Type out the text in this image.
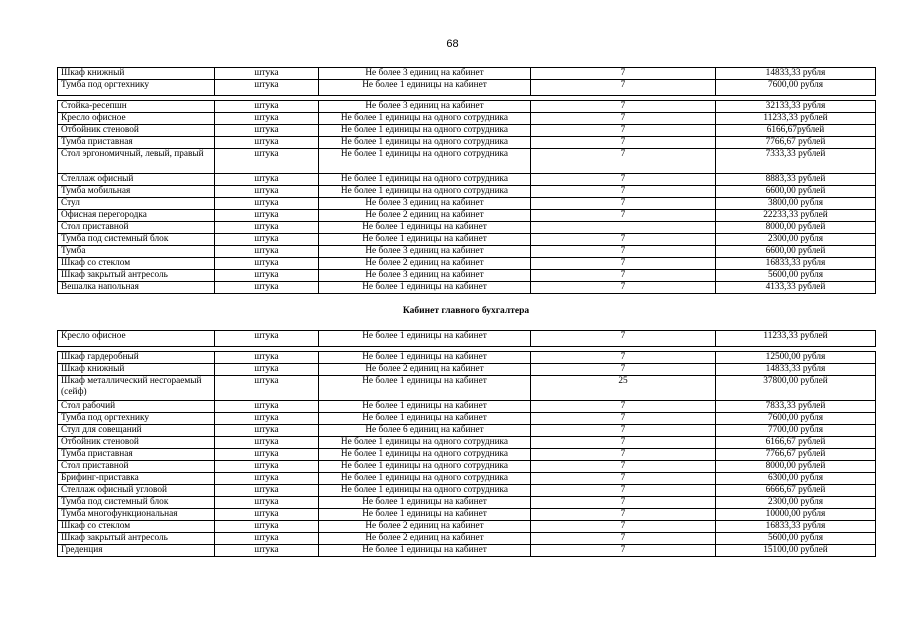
68
Шкаф книжный	штука	Не более 3 единиц на кабинет	7	14833,33 рубля
Тумба под оргтехнику	штука	Не более 1 единицы на кабинет	7	7600,00 рубля

Стойка-ресепшн	штука	Не более 3 единиц на кабинет	7	32133,33 рубля
Кресло офисное	штука	Не более 1 единицы на одного сотрудника	7	11233,33 рублей
Отбойник стеновой	штука	Не более 1 единицы на одного сотрудника	7	6166,67рублей
Тумба приставная	штука	Не более 1 единицы на одного сотрудника	7	7766,67 рублей
Стол эргономичный, левый, правый	штука	Не более 1 единицы на одного сотрудника	7	7333,33 рублей
Стеллаж офисный	штука	Не более 1 единицы на одного сотрудника	7	8883,33 рублей
Тумба мобильная	штука	Не более 1 единицы на одного сотрудника	7	6600,00 рублей
Стул	штука	Не более 3 единиц на кабинет	7	3800,00 рубля
Офисная перегородка	штука	Не более 2 единиц на кабинет	7	22233,33 рублей
Стол приставной	штука	Не более 1 единицы на кабинет		8000,00 рублей
Тумба под системный блок	штука	Не более 1 единицы на кабинет	7	2300,00 рубля
Тумба	штука	Не более 3 единиц на кабинет	7	6600,00 рублей
Шкаф со стеклом	штука	Не более 2 единиц на кабинет	7	16833,33 рубля
Шкаф закрытый антресоль	штука	Не более 3 единиц на кабинет	7	5600,00 рубля
Вешалка напольная	штука	Не более 1 единицы на кабинет	7	4133,33 рублей
Кабинет главного бухгалтера
Кресло офисное	штука	Не более 1 единицы на кабинет	7	11233,33 рублей

Шкаф гардеробный	штука	Не более 1 единицы на кабинет	7	12500,00 рубля
Шкаф книжный	штука	Не более 2 единиц на кабинет	7	14833,33 рубля
Шкаф металлический несгораемый (сейф)	штука	Не более 1 единицы на кабинет	25	37800,00 рублей
Стол рабочий	штука	Не более 1 единицы на кабинет	7	7833,33 рублей
Тумба под оргтехнику	штука	Не более 1 единицы на кабинет	7	7600,00 рубля
Стул для совещаний	штука	Не более 6 единиц на кабинет	7	7700,00 рубля
Отбойник стеновой	штука	Не более 1 единицы на одного сотрудника	7	6166,67 рублей
Тумба приставная	штука	Не более 1 единицы на одного сотрудника	7	7766,67 рублей
Стол приставной	штука	Не более 1 единицы на одного сотрудника	7	8000,00 рублей
Брифинг-приставка	штука	Не более 1 единицы на одного сотрудника	7	6300,00 рубля
Стеллаж офисный угловой	штука	Не более 1 единицы на одного сотрудника	7	6666,67 рублей
Тумба под системный блок	штука	Не более 1 единицы на кабинет	7	2300,00 рубля
Тумба многофункциональная	штука	Не более 1 единицы на кабинет	7	10000,00 рубля
Шкаф со стеклом	штука	Не более 2 единиц на кабинет	7	16833,33 рубля
Шкаф закрытый антресоль	штука	Не более 2 единиц на кабинет	7	5600,00 рубля
Греденция	штука	Не более 1 единицы на кабинет	7	15100,00 рублей
